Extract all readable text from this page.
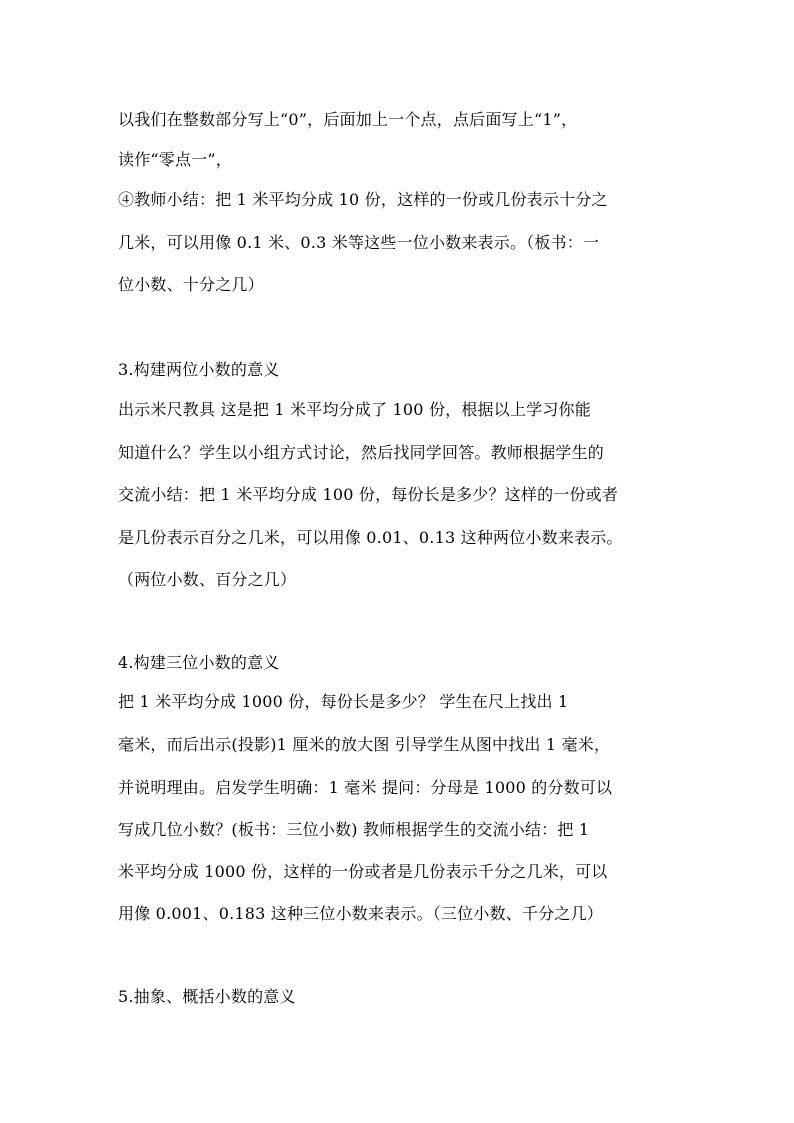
以我们在整数部分写上“0”，后面加上一个点，点后面写上“1”，
读作“零点一”，
④教师小结：把 1 米平均分成 10 份，这样的一份或几份表示十分之
几米，可以用像 0.1 米、0.3 米等这些一位小数来表示。（板书：一
位小数、十分之几）
3.构建两位小数的意义
出示米尺教具 这是把 1 米平均分成了 100 份，根据以上学习你能
知道什么？学生以小组方式讨论，然后找同学回答。教师根据学生的
交流小结：把 1 米平均分成 100 份，每份长是多少？这样的一份或者
是几份表示百分之几米，可以用像 0.01、0.13 这种两位小数来表示。
（两位小数、百分之几）
4.构建三位小数的意义
把 1 米平均分成 1000 份，每份长是多少？ 学生在尺上找出 1
毫米，而后出示(投影)1 厘米的放大图 引导学生从图中找出 1 毫米，
并说明理由。启发学生明确：1 毫米 提问：分母是 1000 的分数可以
写成几位小数？(板书：三位小数) 教师根据学生的交流小结：把 1
米平均分成 1000 份，这样的一份或者是几份表示千分之几米，可以
用像 0.001、0.183 这种三位小数来表示。（三位小数、千分之几）
5.抽象、概括小数的意义
